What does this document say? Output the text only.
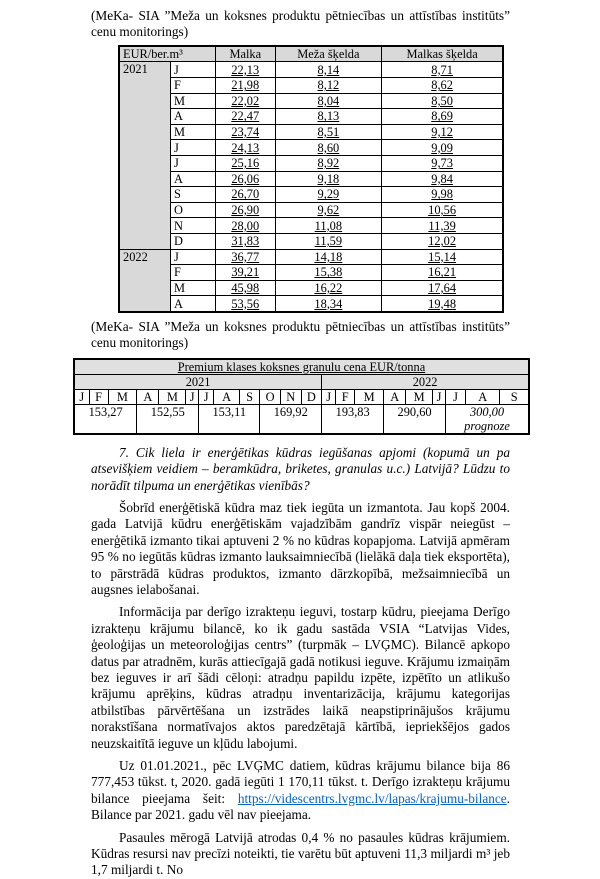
(MeKa- SIA ”Meža un koksnes produktu pētniecības un attīstības institūts” cenu monitorings)

EUR/ber.m³		Malka	Meža šķelda	Malkas šķelda
2021	J	22,13	8,14	8,71
	F	21,98	8,12	8,62
	M	22,02	8,04	8,50
	A	22,47	8,13	8,69
	M	23,74	8,51	9,12
	J	24,13	8,60	9,09
	J	25,16	8,92	9,73
	A	26,06	9,18	9,84
	S	26,70	9,29	9,98
	O	26,90	9,62	10,56
	N	28,00	11,08	11,39
	D	31,83	11,59	12,02
2022	J	36,77	14,18	15,14
	F	39,21	15,38	16,21
	M	45,98	16,22	17,64
	A	53,56	18,34	19,48

(MeKa- SIA ”Meža un koksnes produktu pētniecības un attīstības institūts” cenu monitorings)

Premium klases koksnes granulu cena EUR/tonna																				
2021												2022								
J	F	M	A	M	J	J	A	S	O	N	D	J	F	M	A	M	J	J	A	S
153,27			152,55			153,11			169,92			193,83			290,60			300,00
prognoze		

7. Cik liela ir enerģētikas kūdras iegūšanas apjomi (kopumā un pa atsevišķiem veidiem – beramkūdra, briketes, granulas u.c.) Latvijā? Lūdzu to norādīt tilpuma un enerģētikas vienībās?

Šobrīd enerģētiskā kūdra maz tiek iegūta un izmantota. Jau kopš 2004. gada Latvijā kūdru enerģētiskām vajadzībām gandrīz vispār neiegūst – enerģētikā izmanto tikai aptuveni 2 % no kūdras kopapjoma. Latvijā apmēram 95 % no iegūtās kūdras izmanto lauksaimniecībā (lielākā daļa tiek eksportēta), to pārstrādā kūdras produktos, izmanto dārzkopībā, mežsaimniecībā un augsnes ielabošanai.

Informācija par derīgo izrakteņu ieguvi, tostarp kūdru, pieejama Derīgo izrakteņu krājumu bilancē, ko ik gadu sastāda VSIA “Latvijas Vides, ģeoloģijas un meteoroloģijas centrs” (turpmāk – LVĢMC). Bilancē apkopo datus par atradnēm, kurās attiecīgajā gadā notikusi ieguve. Krājumu izmaiņām bez ieguves ir arī šādi cēloņi: atradņu papildu izpēte, izpētīto un atlikušo krājumu aprēķins, kūdras atradņu inventarizācija, krājumu kategorijas atbilstības pārvērtēšana un izstrādes laikā neapstiprinājušos krājumu norakstīšana normatīvajos aktos paredzētajā kārtībā, iepriekšējos gados neuzskaitītā ieguve un kļūdu labojumi.

Uz 01.01.2021., pēc LVĢMC datiem, kūdras krājumu bilance bija 86 777,453 tūkst. t, 2020. gadā iegūti 1 170,11 tūkst. t. Derīgo izrakteņu krājumu bilance pieejama šeit: https://videscentrs.lvgmc.lv/lapas/krajumu-bilance. Bilance par 2021. gadu vēl nav pieejama.

Pasaules mērogā Latvijā atrodas 0,4 % no pasaules kūdras krājumiem. Kūdras resursi nav precīzi noteikti, tie varētu būt aptuveni 11,3 miljardi m³ jeb 1,7 miljardi t. No
